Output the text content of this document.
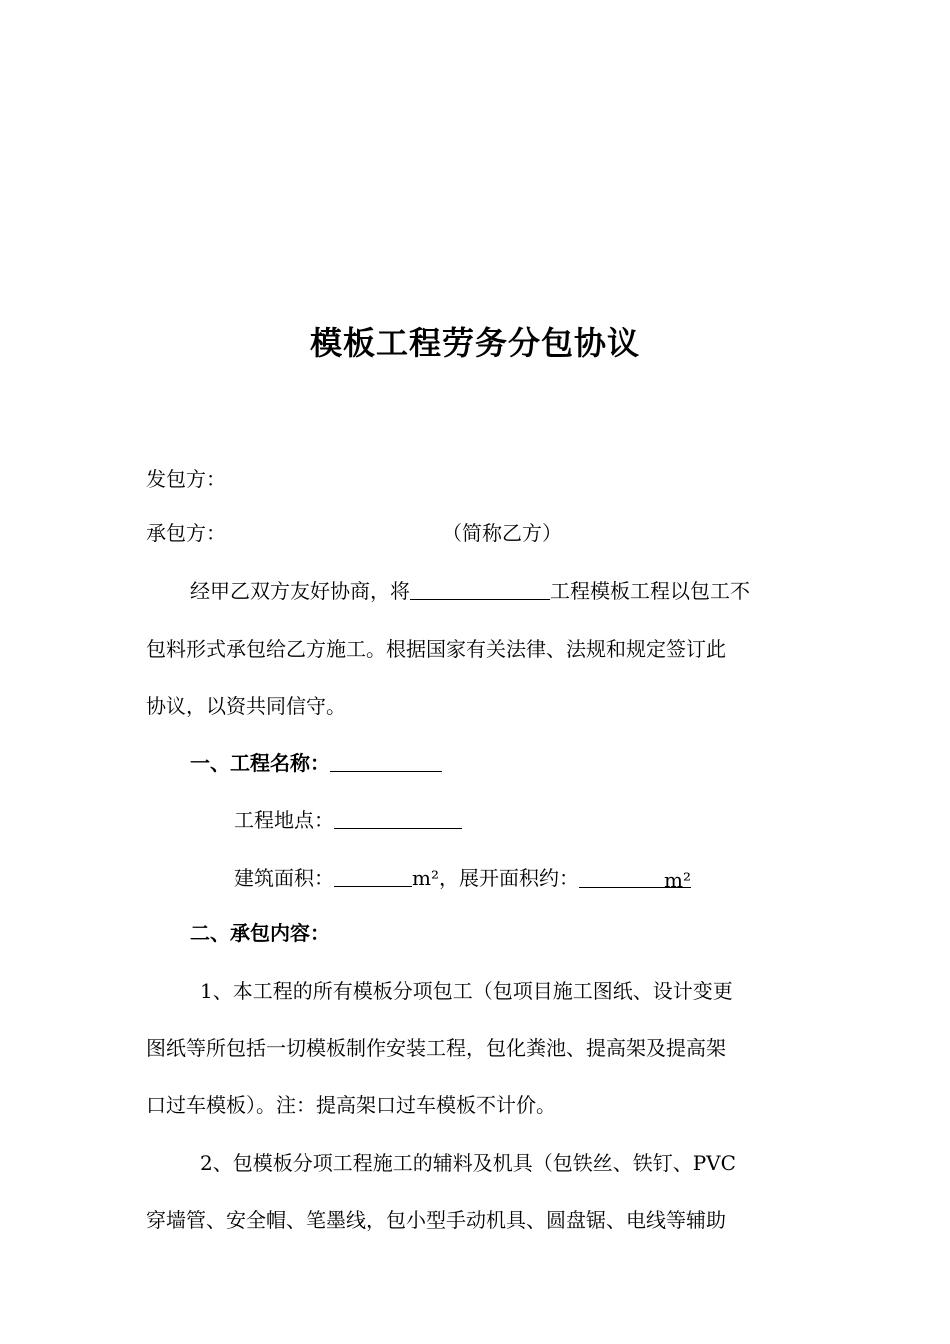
模板工程劳务分包协议
发包方：
承包方：	（简称乙方）
经甲乙双方友好协商，将	工程模板工程以包工不
包料形式承包给乙方施工。根据国家有关法律、法规和规定签订此
协议，以资共同信守。
一、工程名称：
工程地点：
建筑面积：	m²，展开面积约：	m²
二、承包内容：
1、本工程的所有模板分项包工（包项目施工图纸、设计变更
图纸等所包括一切模板制作安装工程，包化粪池、提高架及提高架
口过车模板）。注：提高架口过车模板不计价。
2、包模板分项工程施工的辅料及机具（包铁丝、铁钉、PVC
穿墙管、安全帽、笔墨线，包小型手动机具、圆盘锯、电线等辅助
